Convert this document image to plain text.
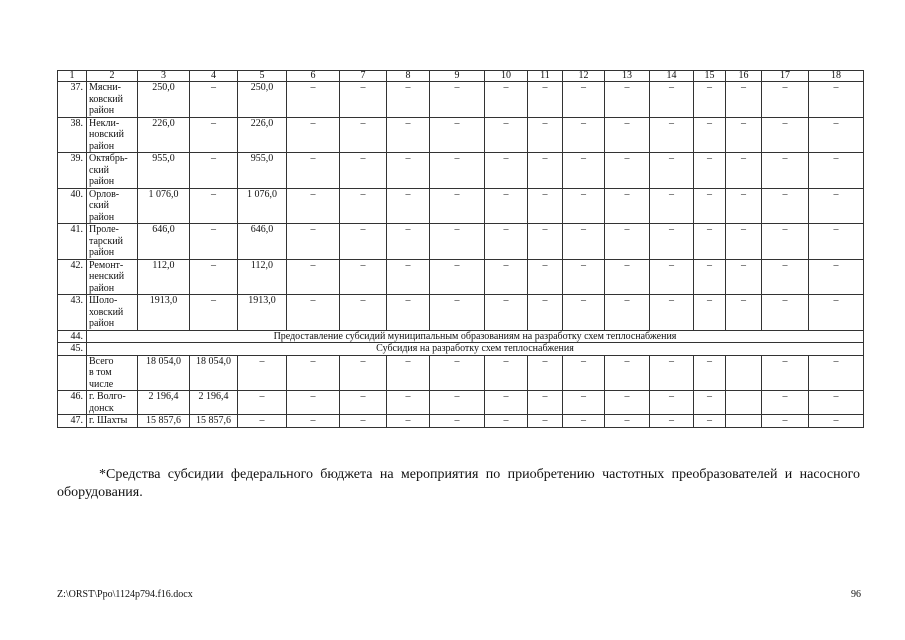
1	2	3	4	5	6	7	8	9	10	11	12	13	14	15	16	17	18
37.	Мясни-
ковский
район	250,0	–	250,0	–	–	–	–	–	–	–	–	–	–	–	–	–
38.	Некли-
новский
район	226,0	–	226,0	–	–	–	–	–	–	–	–	–	–	–	–	–
39.	Октябрь-
ский
район	955,0	–	955,0	–	–	–	–	–	–	–	–	–	–	–	–	–
40.	Орлов-
ский
район	1 076,0	–	1 076,0	–	–	–	–	–	–	–	–	–	–	–	–	–
41.	Проле-
тарский
район	646,0	–	646,0	–	–	–	–	–	–	–	–	–	–	–	–	–
42.	Ремонт-
ненский
район	112,0	–	112,0	–	–	–	–	–	–	–	–	–	–	–	–	–
43.	Шоло-
ховский
район	1913,0	–	1913,0	–	–	–	–	–	–	–	–	–	–	–	–	–
44.	Предоставление субсидий муниципальным образованиям на разработку схем теплоснабжения																
45.	Субсидия на разработку схем теплоснабжения																
	Всего
в том
числе	18 054,0	18 054,0	–	–	–	–	–	–	–	–	–	–	–		–	–
46.	г. Волго-
донск	2 196,4	2 196,4	–	–	–	–	–	–	–	–	–	–	–		–	–
47.	г. Шахты	15 857,6	15 857,6	–	–	–	–	–	–	–	–	–	–	–		–	–
*Средства субсидии федерального бюджета на мероприятия по приобретению частотных преобразователей и насосного оборудования.
Z:\ORST\Ppo\1124p794.f16.docx	96
